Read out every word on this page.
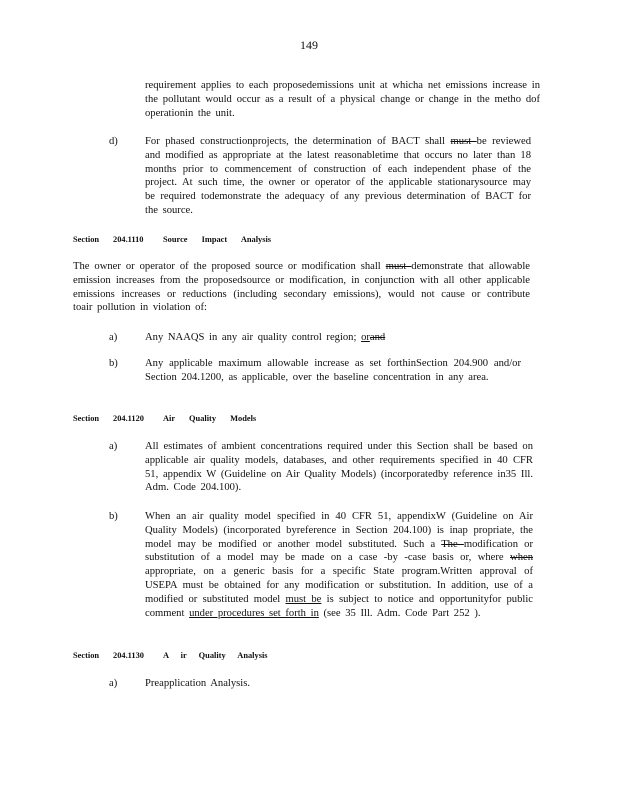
149
requirement applies to each proposedemissions unit at whicha net emissions increase in the pollutant would occur as a result of a physical change or change in the metho dof operationin the unit.
d)	For phased constructionprojects, the determination of BACT shall must be reviewed and modified as appropriate at the latest reasonabletime that occurs no later than 18 months prior to commencement of construction of each independent phase of the project. At such time, the owner or operator of the applicable stationarysource may be required todemonstrate the adequacy of any previous determination of BACT for the source.
Section 204.1110 Source Impact Analysis
The owner or operator of the proposed source or modification shall must demonstrate that allowable emission increases from the proposedsource or modification, in conjunction with all other applicable emissions increases or reductions (including secondary emissions), would not cause or contribute toair pollution in violation of:
a)	Any NAAQS in any air quality control region; orand
b)	Any applicable maximum allowable increase as set forthinSection 204.900 and/or Section 204.1200, as applicable, over the baseline concentration in any area.
Section 204.1120 Air Quality Models
a)	All estimates of ambient concentrations required under this Section shall be based on applicable air quality models, databases, and other requirements specified in 40 CFR 51, appendix W (Guideline on Air Quality Models) (incorporatedby reference in35 Ill. Adm. Code 204.100).
b)	When an air quality model specified in 40 CFR 51, appendixW (Guideline on Air Quality Models) (incorporated byreference in Section 204.100) is inap propriate, the model may be modified or another model substituted. Such a The modification or substitution of a model may be made on a case -by -case basis or, where when appropriate, on a generic basis for a specific State program.Written approval of USEPA must be obtained for any modification or substitution. In addition, use of a modified or substituted model must be is subject to notice and opportunityfor public comment under procedures set forth in (see 35 Ill. Adm. Code Part 252 ).
Section 204.1130 A ir Quality Analysis
a)	Preapplication Analysis.
